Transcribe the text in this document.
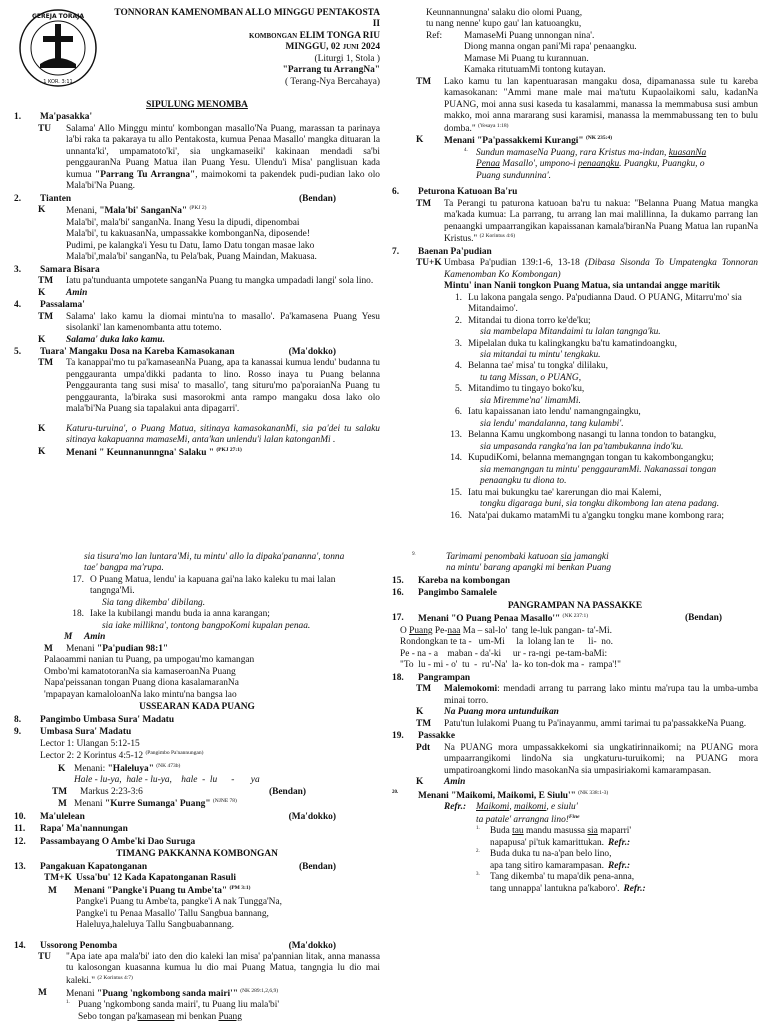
GEREJA TORAJA
1 KOR. 3:11
TONNORAN KAMENOMBAN ALLO MINGGU PENTAKOSTA II
KOMBONGAN ELIM TONGA RIU
MINGGU, 02 JUNI 2024
(Liturgi 1, Stola )
"Parrang tu ArrangNa"
( Terang-Nya Bercahaya)
SIPULUNG MENOMBA
1.	Ma'pasakka'
TU	Salama' Allo Minggu mintu' kombongan masallo'Na Puang, marassan ta parinaya la'bi raka ta pakaraya tu allo Pentakosta, kumua Penaa Masallo' mangka dituaran la unnanta'ki', umpamatoto'ki', sia ungkamaseiki' kakinaan mendadi sa'bi penggauranNa Puang Matua ilan Puang Yesu. Ulendu'i Misa' panglisuan kada kumua "Parrang Tu Arrangna", maimokomi ta pakendek pudi-pudian lako olo Mala'bi'Na Puang.
2.	Tianten	(Bendan)
K	Menani, "Mala'bi' SanganNa" $^{(PKJ 2)}$
Mala'bi', mala'bi' sanganNa. Inang Yesu la dipudi, dipenombai
Mala'bi', tu kakuasanNa, umpassakke kombonganNa, diposende!
Pudimi, pe kalangka'i Yesu tu Datu, Iamo Datu tongan masae lako
Mala'bi',mala'bi' sanganNa, tu Pela'bak, Puang Maindan, Makuasa.
3.	Samara Bisara
TM	Iatu pa'tunduanta umpotete sanganNa Puang tu mangka umpadadi langi' sola lino.
K	Amin
4.	Passalama'
TM	Salama' lako kamu la diomai mintu'na to masallo'. Pa'kamasena Puang Yesu sisolanki' lan kamenombanta attu totemo.
K	Salama' duka lako kamu.
5.	Tuara' Mangaku Dosa na Kareba Kamasokanan	(Ma'dokko)
TM	Ta kanappai'mo tu pa'kamaseanNa Puang, apa ta kanassai kumua lendu' budanna tu penggauranta umpa'dikki padanta to lino. Rosso inaya tu Puang belanna Penggauranta tang susi misa' to masallo', tang situru'mo pa'poraianNa Puang tu penggauranta, la'biraka susi masorokmi anta rampo mangaku dosa lako olo mala'bi'Na Puang sia tapalakui anta dipagarri'.
K	Katuru-turuina', o Puang Matua, sitinaya kamasokananMi, sia pa'dei tu salaku sitinaya kakapuanna mamaseMi, anta'kan unlendu'i lalan katonganMi .
K	Menani " Keunnanunngna' Salaku " $^{(PKJ 27:1)}$
Keunnannungna' salaku dio olomi Puang,
tu nang nenne' kupo gau' lan katuoangku,
Ref:	MamaseMi Puang unnongan nina'.
Diong manna ongan pani'Mi rapa' penaangku.
Mamase Mi Puang tu kurannuan.
Kamaka ritutuamMi tontong kutayan.
TM	Lako kamu tu lan kapentuarasan mangaku dosa, dipamanassa sule tu kareba kamasokanan: "Ammi mane male mai ma'tutu Kupaolaikomi salu, kadanNa PUANG, moi anna susi kaseda tu kasalammi, manassa la memmabusa susi ambun makko, moi anna mararang susi karamisi, manassa la memmabussang ten to bulu domba." $^{(Yesaya 1:18)}$
K	Menani "Pa'passakkemi Kurangi" $^{(NK 235:4)}$
4. Sundun mamaseNa Puang, rara Kristus ma-indan, kuasanNa
Penaa Masallo', umpono-i penaangku. Puangku, Puangku, o
Puang sundunnina'.
6.	Peturona Katuoan Ba'ru
TM	Ta Perangi tu paturona katuoan ba'ru tu nakua: "Belanna Puang Matua mangka ma'kada kumua: La parrang, tu arrang lan mai malillinna, Ia dukamo parrang lan penaangki umpaarrangikan kapaissanan kamala'biranNa Puang Matua lan rupanNa Kristus." $^{(2 Korintus 4:6)}$
7.	Baenan Pa'pudian
TU+K Umbasa Pa'pudian 139:1-6, 13-18 (Dibasa Sisonda To Umpatengka Tonnoran Kamenomban Ko Kombongan)
Mintu' inan Nanii tongkon Puang Matua, sia untandai angge maritik
1. Lu lakona pangala sengo. Pa'pudianna Daud. O PUANG, Mitarru'mo' sia Mitandaimo'.
2. Mitandai tu diona torro ke'de'ku;
sia mambelapa Mitandaimi tu lalan tangnga'ku.
3. Mipelalan duka tu kalingkangku ba'tu kamatindoangku,
sia mitandai tu mintu' tengkaku.
4. Belanna tae' misa' tu tongka' dililaku,
tu tang Missan, o PUANG,
5. Mitandimo tu tingayo boko'ku,
sia Miremme'na' limamMi.
6. Iatu kapaissanan iato lendu' namangngaingku,
sia lendu' mandalanna, tang kulambi'.
13. Belanna Kamu ungkombong nasangi tu lanna tondon to batangku,
sia umpasanda rangka'na lan pa'tambukanna indo'ku.
14. KupudiKomi, belanna memangngan tongan tu kakombongangku;
sia memangngan tu mintu' penggauramMi. Nakanassai tongan penaangku tu diona to.
15. Iatu mai bukungku tae' karerungan dio mai Kalemi,
tongku digaraga buni, sia tongku dikombong lan atena padang.
16. Nata'pai dukamo matamMi tu a'gangku tongku mane kombong rara;
sia tisura'mo lan luntara'Mi, tu mintu' allo la dipaka'pananna', tonna
tae' bangpa ma'rupa.
17. O Puang Matua, lendu' ia kapuana gai'na lako kaleku tu mai lalan tangnga'Mi.
Sia tang dikemba' dibilang.
18. Iake la kubilangi mandu buda ia anna karangan;
sia iake millikna', tontong bangpoKomi kupalan penaa.
M Amin
M Menani "Pa'pudian 98:1"
Palaoammi nanian tu Puang, pa umpogau'mo kamangan
Ombo'mi kamatotoranNa sia kamaseroanNa Puang
Napa'peissanan tongan Puang diona kasalamaranNa
'mpapayan kamaloloanNa lako mintu'na bangsa lao
USSEARAN KADA PUANG
8.	Pangimbo Umbasa Sura' Madatu
9.	Umbasa Sura' Madatu
Lector 1: Ulangan 5:12-15
Lector 2: 2 Korintus 4:5-12 $^{(Pangimbo Pa'nannungan)}$
K Menani: "Haleluya" $^{(NK 473b)}$
Hale - lu-ya,  hale - lu-ya,    hale  -  lu      -       ya
TM	Markus 2:23-3:6	(Bendan)
M Menani "Kurre Sumanga' Puang" $^{(NJNE 78)}$
10.	Ma'ulelean	(Ma'dokko)
11.	Rapa' Ma'nannungan
12.	Passambayang O Ambe'ki Dao Suruga
TIMANG PAKKANNA KOMBONGAN
13.	Pangakuan Kapatonganan	(Bendan)
TM+K Ussa'bu' 12 Kada Kapatonganan Rasuli
M Menani "Pangke'i Puang tu Ambe'ta" $^{(PM 3:1)}$
Pangke'i Puang tu Ambe'ta, pangke'i A nak Tungga'Na,
Pangke'i tu Penaa Masallo' Tallu Sangbua bannang,
Haleluya,haleluya Tallu Sangbuabannang.
14.	Ussorong Penomba	(Ma'dokko)
TU	"Apa iate apa mala'bi' iato den dio kaleki lan misa' pa'pannian litak, anna manassa tu kalosongan kuasanna kumua lu dio mai Puang Matua, tangngia lu dio mai kaleki." $^{(2 Korintus 4:7)}$
M	Menani "Puang 'ngkombong sanda mairi'" $^{(NK 289:1,2,6,9)}$
1. Puang 'ngkombong sanda mairi', tu Puang liu mala'bi'
Sebo tongan pa'kamasean mi benkan Puang
9.	Tarimami penombaki katuoan sia jamangki
na mintu' barang apangki mi benkan Puang
15.	Kareba na kombongan
16.	Pangimbo Samalele
PANGRAMPAN NA PASSAKKE
17.	Menani "O Puang Penaa Masallo'" $^{(NK 237:1)}$	(Bendan)
O Puang Pe-naa Ma – sal-lo'  tang le-luk pangan- ta'-Mi.
Rondongkan te ta -   um-Mi     la  lolang lan te      li-  no.
Pe - na - a    maban - da'-ki     ur - ra-ngi  pe-tam-baMi:
"To  lu - mi - o'  tu  -  ru'-Na'  la- ko ton-dok ma -  rampa'!"
18.	Pangrampan
TM	Malemokomi: mendadi arrang tu parrang lako mintu ma'rupa tau la umba-umba minai torro.
K	Na Puang mora untunduikan
TM	Patu'tun lulakomi Puang tu Pa'inayanmu, ammi tarimai tu pa'passakkeNa Puang.
19.	Passakke
Pdt	Na PUANG mora umpassakkekomi sia ungkatirinnaikomi; na PUANG mora umpaarrangikomi lindoNa sia ungkaturu-turuikomi; na PUANG mora umpatiroangkomi lindo masokanNa sia umpasiriakomi kamarampasan.
K	Amin
20.	Menani "Maikomi, Maikomi, E Siulu'" $^{(NK 338:1-3)}$
Refr.: Maikomi, maikomi, e siulu'
ta patale' arrangna lino!$^{Fine}$
1.	Buda tau mandu masussa sia maparri'
napapusa' pi'tuk kamarittukan. Refr.:
2.	Buda duka tu na-a'pan belo lino,
apa tang sitiro kamarampasan. Refr.:
3.	Tang dikemba' tu mapa'dik pena-anna,
tang unnappa' lantukna pa'kaboro'. Refr.:
